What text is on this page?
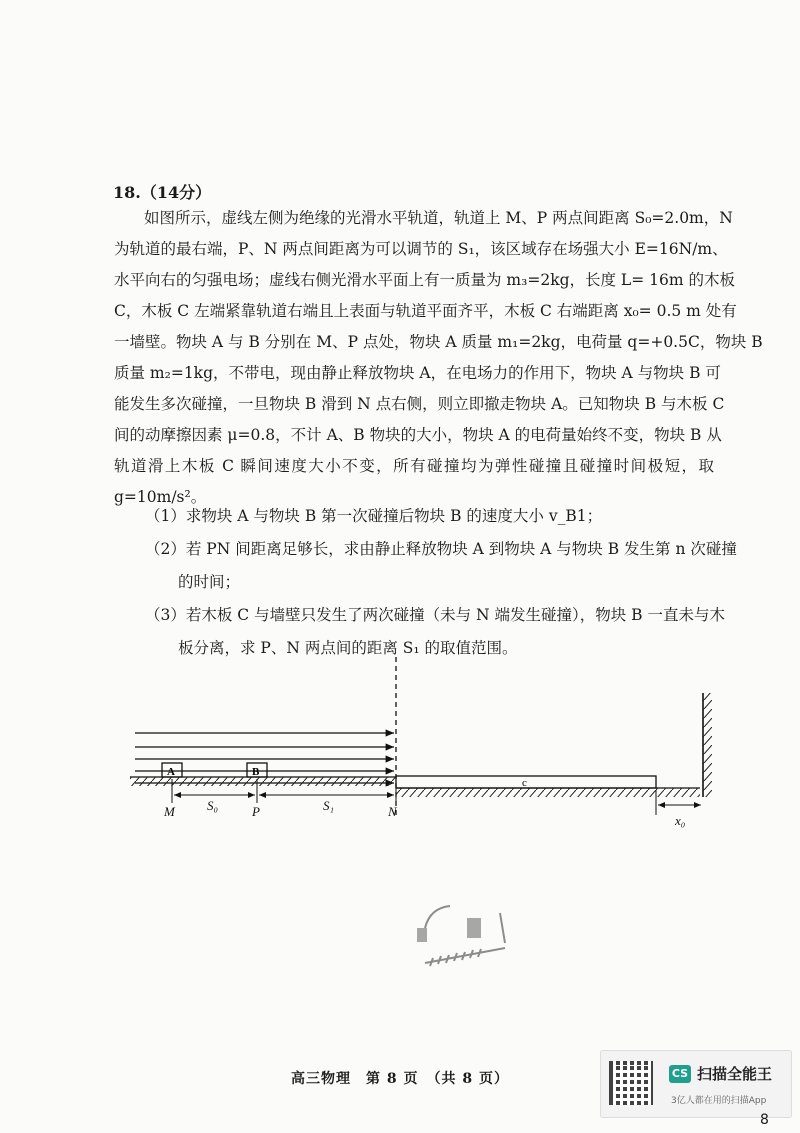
18.（14分）

如图所示，虚线左侧为绝缘的光滑水平轨道，轨道上 M、P 两点间距离 S₀=2.0m，N

为轨道的最右端，P、N 两点间距离为可以调节的 S₁，该区域存在场强大小 E=16N/m、

水平向右的匀强电场；虚线右侧光滑水平面上有一质量为 m₃=2kg，长度 L= 16m 的木板

C，木板 C 左端紧靠轨道右端且上表面与轨道平面齐平，木板 C 右端距离 x₀= 0.5 m 处有

一墙壁。物块 A 与 B 分别在 M、P 点处，物块 A 质量 m₁=2kg，电荷量 q=+0.5C，物块 B

质量 m₂=1kg，不带电，现由静止释放物块 A，在电场力的作用下，物块 A 与物块 B 可

能发生多次碰撞，一旦物块 B 滑到 N 点右侧，则立即撤走物块 A。已知物块 B 与木板 C

间的动摩擦因素 μ=0.8，不计 A、B 物块的大小，物块 A 的电荷量始终不变，物块 B 从

轨道滑上木板 C 瞬间速度大小不变，所有碰撞均为弹性碰撞且碰撞时间极短，取

g=10m/s²。

（1）求物块 A 与物块 B 第一次碰撞后物块 B 的速度大小 v_B1；
（2）若 PN 间距离足够长，求由静止释放物块 A 到物块 A 与物块 B 发生第 n 次碰撞
的时间；
（3）若木板 C 与墙壁只发生了两次碰撞（未与 N 端发生碰撞），物块 B 一直未与木
板分离，求 P、N 两点间的距离 S₁ 的取值范围。
c
A	B
M	P	N
S₀	S₁
x₀
高三物理　第 8 页　（共 8 页）	CS 扫描全能王
3亿人都在用的扫描App
8
